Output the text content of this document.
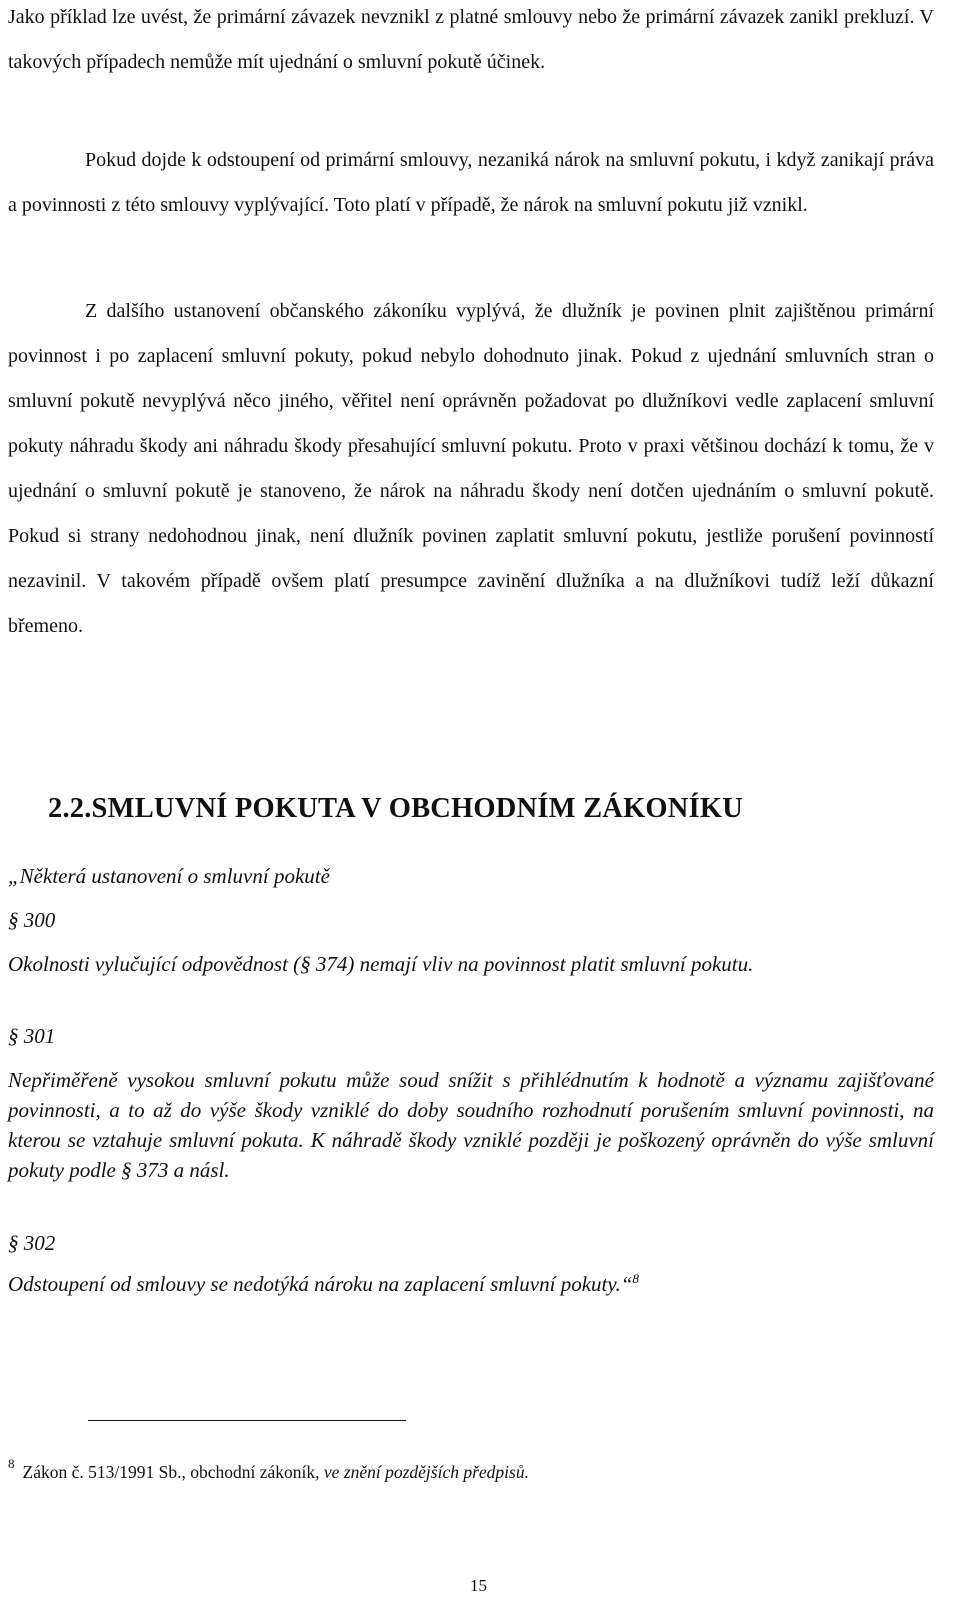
Jako příklad lze uvést, že primární závazek nevznikl z platné smlouvy nebo že primární závazek zanikl prekluzí. V takových případech nemůže mít ujednání o smluvní pokutě účinek.

Pokud dojde k odstoupení od primární smlouvy, nezaniká nárok na smluvní pokutu, i když zanikají práva a povinnosti z této smlouvy vyplývající. Toto platí v případě, že nárok na smluvní pokutu již vznikl.

Z dalšího ustanovení občanského zákoníku vyplývá, že dlužník je povinen plnit zajištěnou primární povinnost i po zaplacení smluvní pokuty, pokud nebylo dohodnuto jinak. Pokud z ujednání smluvních stran o smluvní pokutě nevyplývá něco jiného, věřitel není oprávněn požadovat po dlužníkovi vedle zaplacení smluvní pokuty náhradu škody ani náhradu škody přesahující smluvní pokutu. Proto v praxi většinou dochází k tomu, že v ujednání o smluvní pokutě je stanoveno, že nárok na náhradu škody není dotčen ujednáním o smluvní pokutě. Pokud si strany nedohodnou jinak, není dlužník povinen zaplatit smluvní pokutu, jestliže porušení povinností nezavinil. V takovém případě ovšem platí presumpce zavinění dlužníka a na dlužníkovi tudíž leží důkazní břemeno.

2.2.SMLUVNÍ POKUTA V OBCHODNÍM ZÁKONÍKU

„Některá ustanovení o smluvní pokutě

§ 300

Okolnosti vylučující odpovědnost (§ 374) nemají vliv na povinnost platit smluvní pokutu.

§ 301

Nepřiměřeně vysokou smluvní pokutu může soud snížit s přihlédnutím k hodnotě a významu zajišťované povinnosti, a to až do výše škody vzniklé do doby soudního rozhodnutí porušením smluvní povinnosti, na kterou se vztahuje smluvní pokuta. K náhradě škody vzniklé později je poškozený oprávněn do výše smluvní pokuty podle § 373 a násl.

§ 302

Odstoupení od smlouvy se nedotýká nároku na zaplacení smluvní pokuty.“$^8$

$^8$ Zákon č. 513/1991 Sb., obchodní zákoník, ve znění pozdějších předpisů.

15
